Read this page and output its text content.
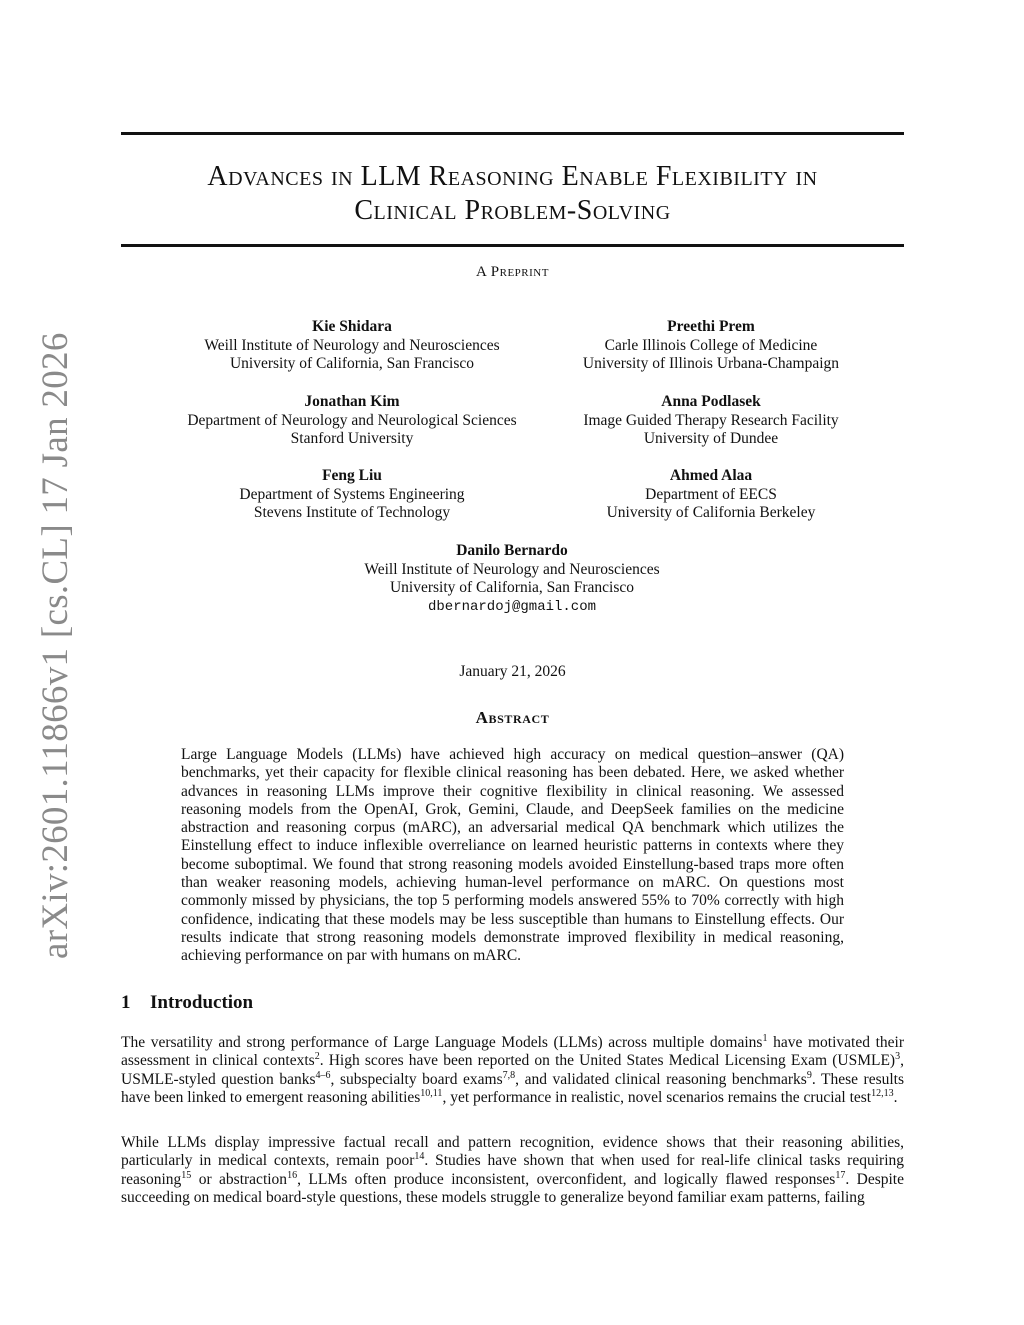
arXiv:2601.11866v1 [cs.CL] 17 Jan 2026
Advances in LLM Reasoning Enable Flexibility in
Clinical Problem-Solving
A Preprint
Kie Shidara
Weill Institute of Neurology and Neurosciences
University of California, San Francisco
Preethi Prem
Carle Illinois College of Medicine
University of Illinois Urbana-Champaign
Jonathan Kim
Department of Neurology and Neurological Sciences
Stanford University
Anna Podlasek
Image Guided Therapy Research Facility
University of Dundee
Feng Liu
Department of Systems Engineering
Stevens Institute of Technology
Ahmed Alaa
Department of EECS
University of California Berkeley
Danilo Bernardo
Weill Institute of Neurology and Neurosciences
University of California, San Francisco
dbernardoj@gmail.com
January 21, 2026
Abstract
Large Language Models (LLMs) have achieved high accuracy on medical question–answer (QA) benchmarks, yet their capacity for flexible clinical reasoning has been debated. Here, we asked whether advances in reasoning LLMs improve their cognitive flexibility in clinical reasoning. We assessed reasoning models from the OpenAI, Grok, Gemini, Claude, and DeepSeek families on the medicine abstraction and reasoning corpus (mARC), an adversarial medical QA benchmark which utilizes the Einstellung effect to induce inflexible overreliance on learned heuristic patterns in contexts where they become suboptimal. We found that strong reasoning models avoided Einstellung-based traps more often than weaker reasoning models, achieving human-level performance on mARC. On questions most commonly missed by physicians, the top 5 performing models answered 55% to 70% correctly with high confidence, indicating that these models may be less susceptible than humans to Einstellung effects. Our results indicate that strong reasoning models demonstrate improved flexibility in medical reasoning, achieving performance on par with humans on mARC.
1 Introduction
The versatility and strong performance of Large Language Models (LLMs) across multiple domains$^1$ have motivated their assessment in clinical contexts$^2$. High scores have been reported on the United States Medical Licensing Exam (USMLE)$^3$, USMLE-styled question banks$^{4-6}$, subspecialty board exams$^{7,8}$, and validated clinical reasoning benchmarks$^9$. These results have been linked to emergent reasoning abilities$^{10,11}$, yet performance in realistic, novel scenarios remains the crucial test$^{12,13}$.
While LLMs display impressive factual recall and pattern recognition, evidence shows that their reasoning abilities, particularly in medical contexts, remain poor$^{14}$. Studies have shown that when used for real-life clinical tasks requiring reasoning$^{15}$ or abstraction$^{16}$, LLMs often produce inconsistent, overconfident, and logically flawed responses$^{17}$. Despite succeeding on medical board-style questions, these models struggle to generalize beyond familiar exam patterns, failing
